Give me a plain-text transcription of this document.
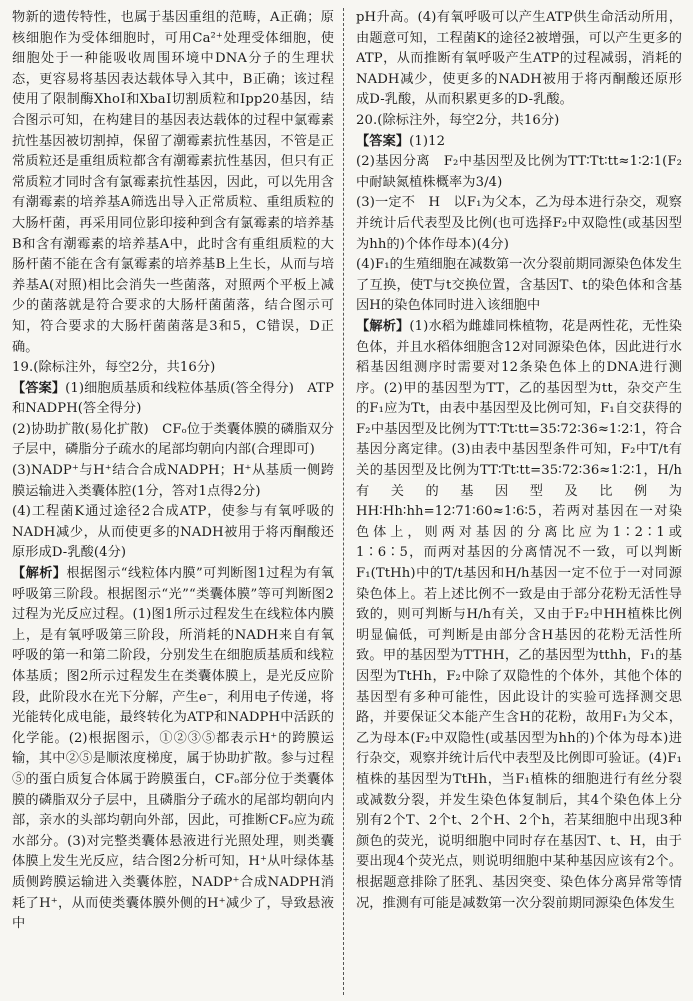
物新的遗传特性，也属于基因重组的范畴，A正确；原核细胞作为受体细胞时，可用Ca²⁺处理受体细胞，使细胞处于一种能吸收周围环境中DNA分子的生理状态，更容易将基因表达载体导入其中，B正确；该过程使用了限制酶XhoⅠ和XbaⅠ切割质粒和Ipp20基因，结合图示可知，在构建目的基因表达载体的过程中氯霉素抗性基因被切割掉，保留了潮霉素抗性基因，不管是正常质粒还是重组质粒都含有潮霉素抗性基因，但只有正常质粒才同时含有氯霉素抗性基因，因此，可以先用含有潮霉素的培养基A筛选出导入正常质粒、重组质粒的大肠杆菌，再采用同位影印接种到含有氯霉素的培养基B和含有潮霉素的培养基A中，此时含有重组质粒的大肠杆菌不能在含有氯霉素的培养基B上生长，从而与培养基A(对照)相比会消失一些菌落，对照两个平板上减少的菌落就是符合要求的大肠杆菌菌落，结合图示可知，符合要求的大肠杆菌菌落是3和5，C错误，D正确。

19.(除标注外，每空2分，共16分)

【答案】(1)细胞质基质和线粒体基质(答全得分)　ATP和NADPH(答全得分)

(2)协助扩散(易化扩散)　CFₒ位于类囊体膜的磷脂双分子层中，磷脂分子疏水的尾部均朝向内部(合理即可)

(3)NADP⁺与H⁺结合合成NADPH；H⁺从基质一侧跨膜运输进入类囊体腔(1分，答对1点得2分)

(4)工程菌K通过途径2合成ATP，使参与有氧呼吸的NADH减少，从而使更多的NADH被用于将丙酮酸还原形成D-乳酸(4分)

【解析】根据图示“线粒体内膜”可判断图1过程为有氧呼吸第三阶段。根据图示“光”“类囊体膜”等可判断图2过程为光反应过程。(1)图1所示过程发生在线粒体内膜上，是有氧呼吸第三阶段，所消耗的NADH来自有氧呼吸的第一和第二阶段，分别发生在细胞质基质和线粒体基质；图2所示过程发生在类囊体膜上，是光反应阶段，此阶段水在光下分解，产生e⁻，利用电子传递，将光能转化成电能，最终转化为ATP和NADPH中活跃的化学能。(2)根据图示，①②③⑤都表示H⁺的跨膜运输，其中②⑤是顺浓度梯度，属于协助扩散。参与过程⑤的蛋白质复合体属于跨膜蛋白，CFₒ部分位于类囊体膜的磷脂双分子层中，且磷脂分子疏水的尾部均朝向内部，亲水的头部均朝向外部，因此，可推断CFₒ应为疏水部分。(3)对完整类囊体悬液进行光照处理，则类囊体膜上发生光反应，结合图2分析可知，H⁺从叶绿体基质侧跨膜运输进入类囊体腔，NADP⁺合成NADPH消耗了H⁺，从而使类囊体膜外侧的H⁺减少了，导致悬液中

pH升高。(4)有氧呼吸可以产生ATP供生命活动所用，由题意可知，工程菌K的途径2被增强，可以产生更多的ATP，从而推断有氧呼吸产生ATP的过程减弱，消耗的NADH减少，使更多的NADH被用于将丙酮酸还原形成D-乳酸，从而积累更多的D-乳酸。

20.(除标注外，每空2分，共16分)

【答案】(1)12

(2)基因分离　F₂中基因型及比例为TT∶Tt∶tt≈1∶2∶1(F₂中耐缺氮植株概率为3/4)

(3)一定不　H　以F₁为父本，乙为母本进行杂交，观察并统计后代表型及比例(也可选择F₂中双隐性(或基因型为hh的)个体作母本)(4分)

(4)F₁的生殖细胞在减数第一次分裂前期同源染色体发生了互换，使T与t交换位置，含基因T、t的染色体和含基因H的染色体同时进入该细胞中

【解析】(1)水稻为雌雄同株植物，花是两性花，无性染色体，并且水稻体细胞含12对同源染色体，因此进行水稻基因组测序时需要对12条染色体上的DNA进行测序。(2)甲的基因型为TT，乙的基因型为tt，杂交产生的F₁应为Tt，由表中基因型及比例可知，F₁自交获得的F₂中基因型及比例为TT∶Tt∶tt=35∶72∶36≈1∶2∶1，符合基因分离定律。(3)由表中基因型条件可知，F₂中T/t有关的基因型及比例为TT∶Tt∶tt=35∶72∶36≈1∶2∶1，H/h有关的基因型及比例为HH∶Hh∶hh=12∶71∶60≈1∶6∶5，若两对基因在一对染色体上，则两对基因的分离比应为1∶2∶1或1∶6∶5，而两对基因的分离情况不一致，可以判断F₁(TtHh)中的T/t基因和H/h基因一定不位于一对同源染色体上。若上述比例不一致是由于部分花粉无活性导致的，则可判断与H/h有关，又由于F₂中HH植株比例明显偏低，可判断是由部分含H基因的花粉无活性所致。甲的基因型为TTHH，乙的基因型为tthh，F₁的基因型为TtHh，F₂中除了双隐性的个体外，其他个体的基因型有多种可能性，因此设计的实验可选择测交思路，并要保证父本能产生含H的花粉，故用F₁为父本，乙为母本(F₂中双隐性(或基因型为hh的)个体为母本)进行杂交，观察并统计后代中表型及比例即可验证。(4)F₁植株的基因型为TtHh，当F₁植株的细胞进行有丝分裂或减数分裂，并发生染色体复制后，其4个染色体上分别有2个T、2个t、2个H、2个h，若某细胞中出现3种颜色的荧光，说明细胞中同时存在基因T、t、H，由于要出现4个荧光点，则说明细胞中某种基因应该有2个。根据题意排除了胚乳、基因突变、染色体分离异常等情况，推测有可能是减数第一次分裂前期同源染色体发生
